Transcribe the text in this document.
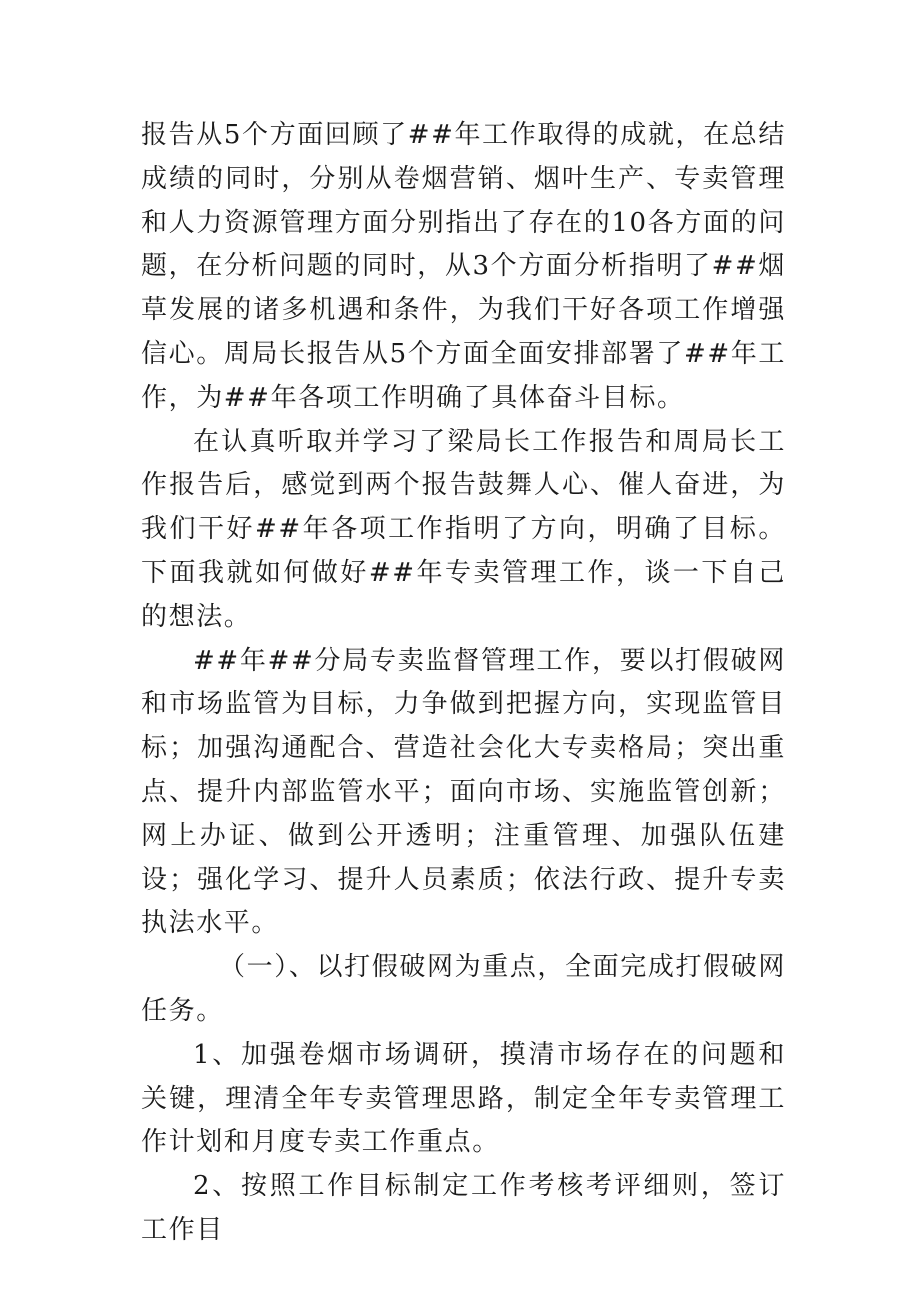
报告从5个方面回顾了##年工作取得的成就，在总结成绩的同时，分别从卷烟营销、烟叶生产、专卖管理和人力资源管理方面分别指出了存在的10各方面的问题，在分析问题的同时，从3个方面分析指明了##烟草发展的诸多机遇和条件，为我们干好各项工作增强信心。周局长报告从5个方面全面安排部署了##年工作，为##年各项工作明确了具体奋斗目标。

在认真听取并学习了梁局长工作报告和周局长工作报告后，感觉到两个报告鼓舞人心、催人奋进，为我们干好##年各项工作指明了方向，明确了目标。下面我就如何做好##年专卖管理工作，谈一下自己的想法。

##年##分局专卖监督管理工作，要以打假破网和市场监管为目标，力争做到把握方向，实现监管目标；加强沟通配合、营造社会化大专卖格局；突出重点、提升内部监管水平；面向市场、实施监管创新；网上办证、做到公开透明；注重管理、加强队伍建设；强化学习、提升人员素质；依法行政、提升专卖执法水平。

（一）、以打假破网为重点，全面完成打假破网任务。

1、加强卷烟市场调研，摸清市场存在的问题和关键，理清全年专卖管理思路，制定全年专卖管理工作计划和月度专卖工作重点。

2、按照工作目标制定工作考核考评细则，签订工作目
